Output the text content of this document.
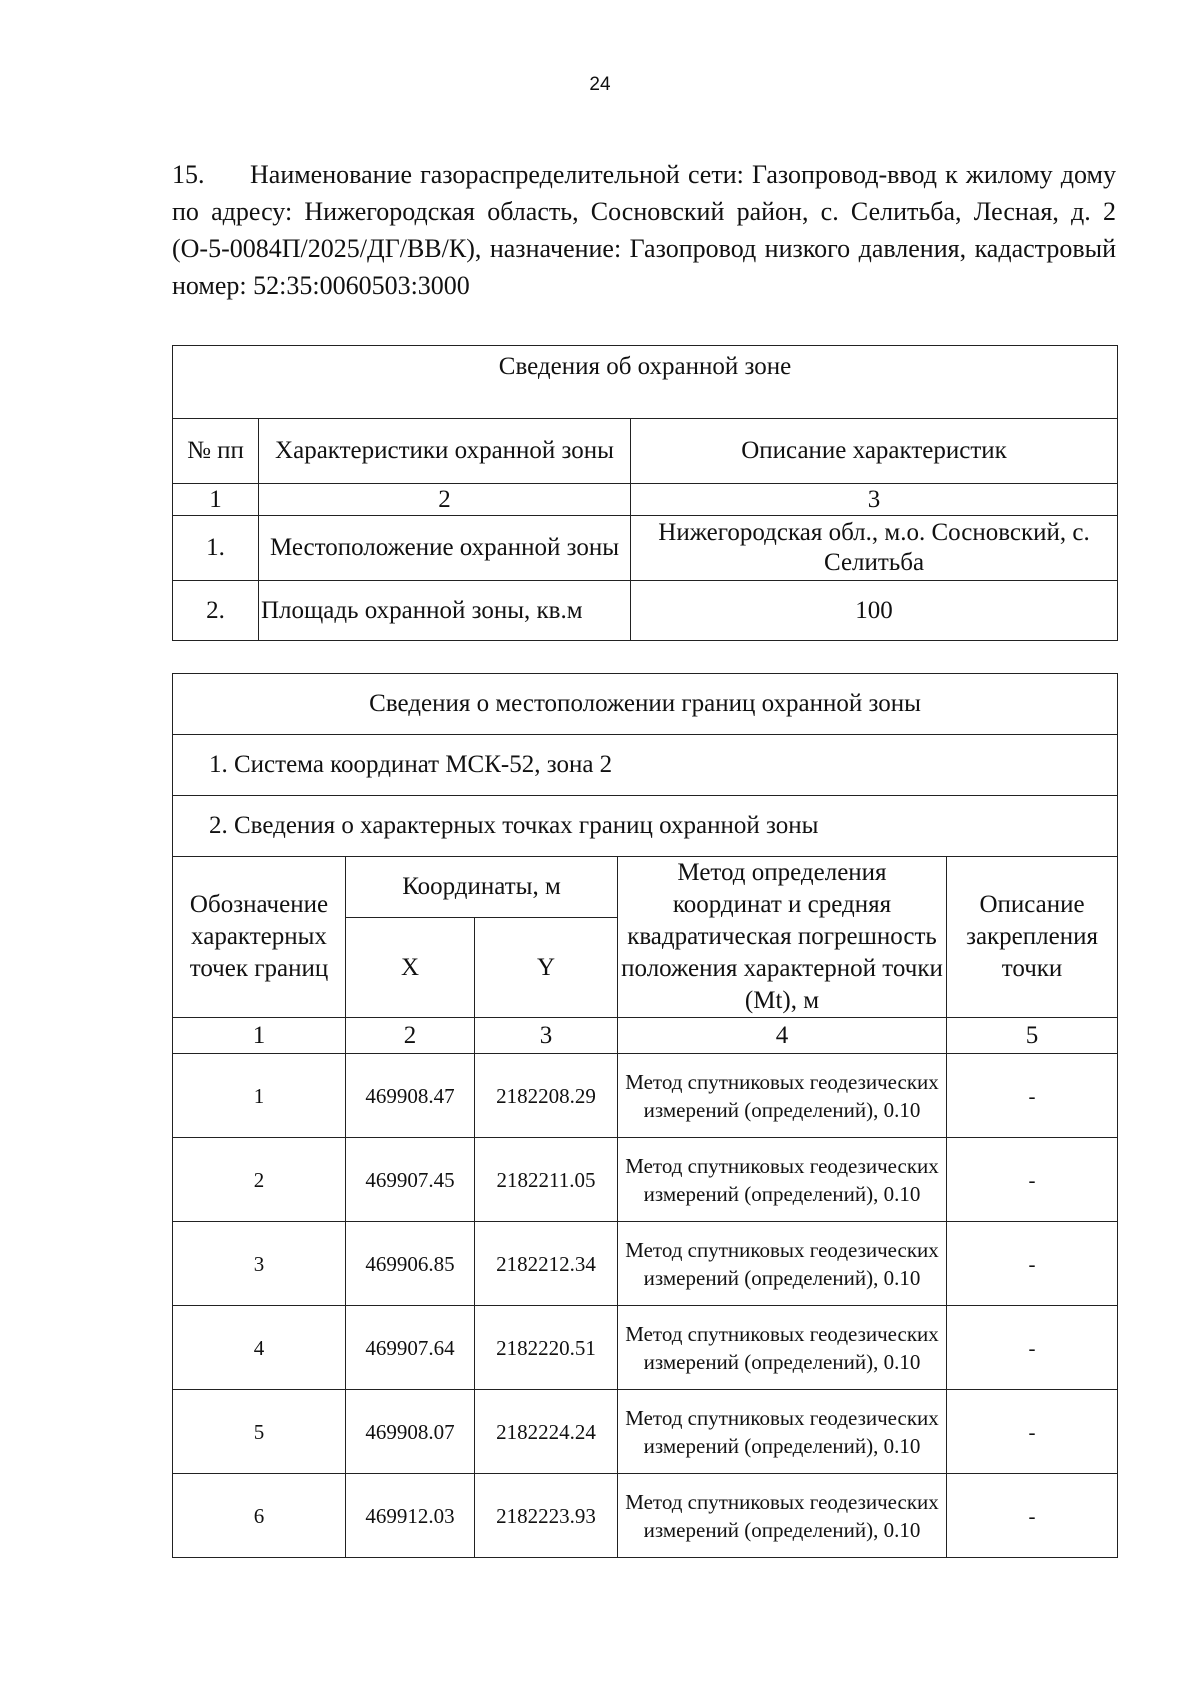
24
15. Наименование газораспределительной сети: Газопровод-ввод к жилому дому по адресу: Нижегородская область, Сосновский район, с. Селитьба, Лесная, д. 2 (О-5-0084П/2025/ДГ/ВВ/К), назначение: Газопровод низкого давления, кадастровый номер: 52:35:0060503:3000
Сведения об охранной зоне		
№ пп	Характеристики охранной зоны	Описание характеристик
1	2	3
1.	Местоположение охранной зоны	Нижегородская обл., м.о. Сосновский, с. Селитьба
2.	Площадь охранной зоны, кв.м	100
Сведения о местоположении границ охранной зоны				
1. Система координат МСК-52, зона 2				
2. Сведения о характерных точках границ охранной зоны				
Обозначение характерных точек границ	Координаты, м		Метод определения координат и средняя квадратическая погрешность положения характерной точки (Mt), м	Описание закрепления точки
	X	Y		
1	2	3	4	5
1	469908.47	2182208.29	Метод спутниковых геодезических измерений (определений), 0.10	-
2	469907.45	2182211.05	Метод спутниковых геодезических измерений (определений), 0.10	-
3	469906.85	2182212.34	Метод спутниковых геодезических измерений (определений), 0.10	-
4	469907.64	2182220.51	Метод спутниковых геодезических измерений (определений), 0.10	-
5	469908.07	2182224.24	Метод спутниковых геодезических измерений (определений), 0.10	-
6	469912.03	2182223.93	Метод спутниковых геодезических измерений (определений), 0.10	-
